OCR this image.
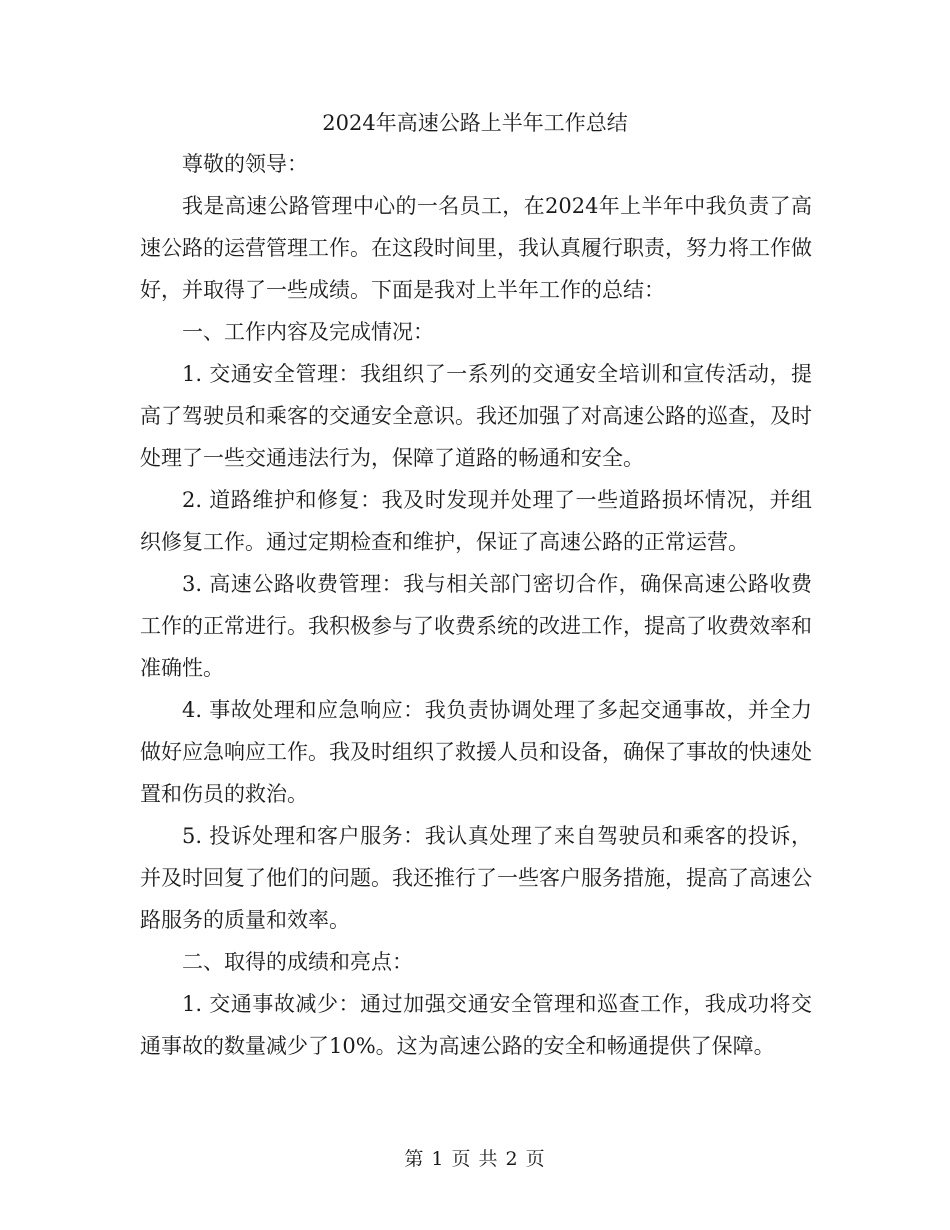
2024年高速公路上半年工作总结

尊敬的领导：

我是高速公路管理中心的一名员工，在2024年上半年中我负责了高速公路的运营管理工作。在这段时间里，我认真履行职责，努力将工作做好，并取得了一些成绩。下面是我对上半年工作的总结：

一、工作内容及完成情况：

1. 交通安全管理：我组织了一系列的交通安全培训和宣传活动，提高了驾驶员和乘客的交通安全意识。我还加强了对高速公路的巡查，及时处理了一些交通违法行为，保障了道路的畅通和安全。

2. 道路维护和修复：我及时发现并处理了一些道路损坏情况，并组织修复工作。通过定期检查和维护，保证了高速公路的正常运营。

3. 高速公路收费管理：我与相关部门密切合作，确保高速公路收费工作的正常进行。我积极参与了收费系统的改进工作，提高了收费效率和准确性。

4. 事故处理和应急响应：我负责协调处理了多起交通事故，并全力做好应急响应工作。我及时组织了救援人员和设备，确保了事故的快速处置和伤员的救治。

5. 投诉处理和客户服务：我认真处理了来自驾驶员和乘客的投诉，并及时回复了他们的问题。我还推行了一些客户服务措施，提高了高速公路服务的质量和效率。

二、取得的成绩和亮点：

1. 交通事故减少：通过加强交通安全管理和巡查工作，我成功将交通事故的数量减少了10%。这为高速公路的安全和畅通提供了保障。

第 1 页 共 2 页
